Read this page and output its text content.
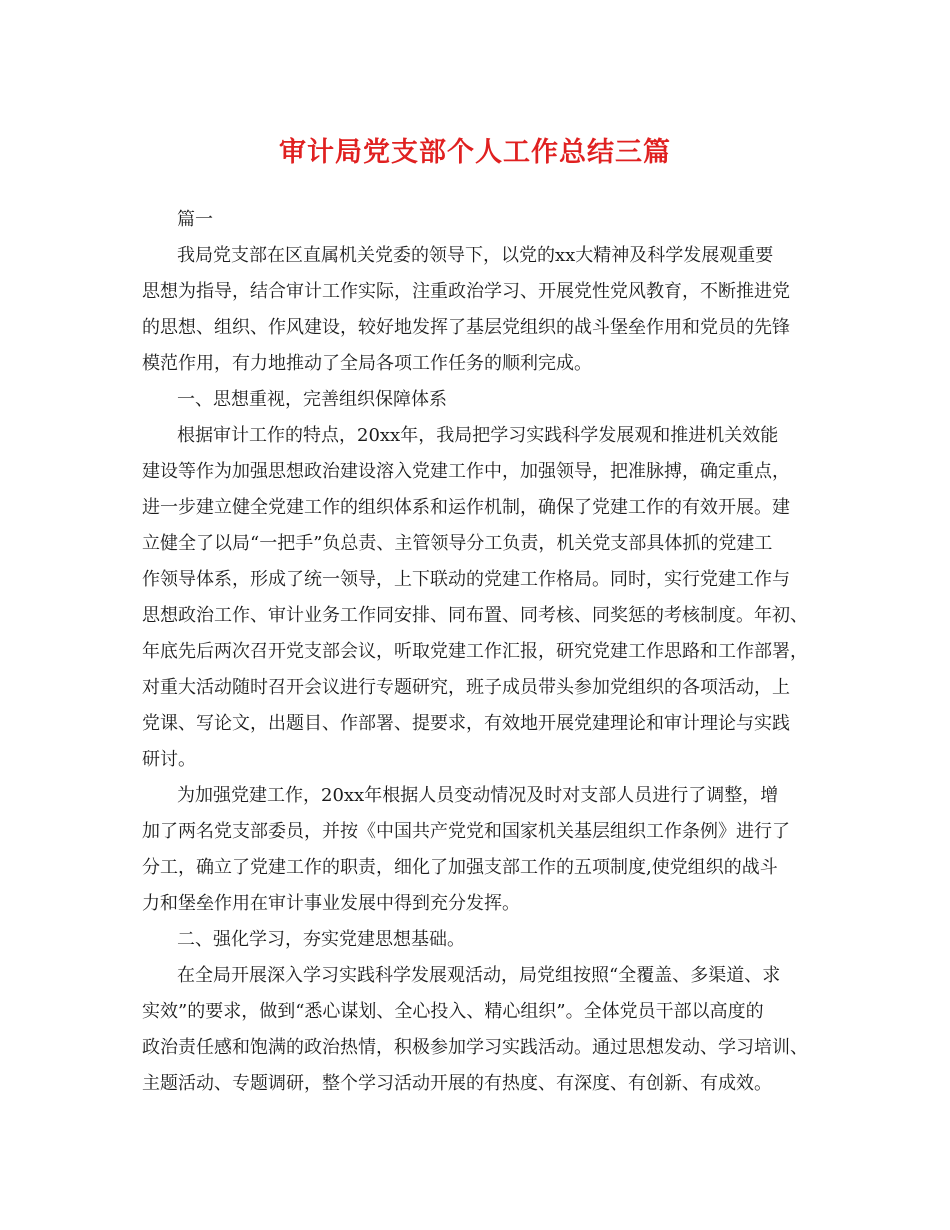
审计局党支部个人工作总结三篇

篇一

我局党支部在区直属机关党委的领导下，以党的xx大精神及科学发展观重要

思想为指导，结合审计工作实际，注重政治学习、开展党性党风教育，不断推进党

的思想、组织、作风建设，较好地发挥了基层党组织的战斗堡垒作用和党员的先锋

模范作用，有力地推动了全局各项工作任务的顺利完成。

一、思想重视，完善组织保障体系

根据审计工作的特点，20xx年，我局把学习实践科学发展观和推进机关效能

建设等作为加强思想政治建设溶入党建工作中，加强领导，把准脉搏，确定重点，

进一步建立健全党建工作的组织体系和运作机制，确保了党建工作的有效开展。建

立健全了以局“一把手”负总责、主管领导分工负责，机关党支部具体抓的党建工

作领导体系，形成了统一领导，上下联动的党建工作格局。同时，实行党建工作与

思想政治工作、审计业务工作同安排、同布置、同考核、同奖惩的考核制度。年初、

年底先后两次召开党支部会议，听取党建工作汇报，研究党建工作思路和工作部署，

对重大活动随时召开会议进行专题研究，班子成员带头参加党组织的各项活动，上

党课、写论文，出题目、作部署、提要求，有效地开展党建理论和审计理论与实践

研讨。

为加强党建工作，20xx年根据人员变动情况及时对支部人员进行了调整，增

加了两名党支部委员，并按《中国共产党党和国家机关基层组织工作条例》进行了

分工，确立了党建工作的职责，细化了加强支部工作的五项制度,使党组织的战斗

力和堡垒作用在审计事业发展中得到充分发挥。

二、强化学习，夯实党建思想基础。

在全局开展深入学习实践科学发展观活动，局党组按照“全覆盖、多渠道、求

实效”的要求，做到“悉心谋划、全心投入、精心组织”。全体党员干部以高度的

政治责任感和饱满的政治热情，积极参加学习实践活动。通过思想发动、学习培训、

主题活动、专题调研，整个学习活动开展的有热度、有深度、有创新、有成效。
